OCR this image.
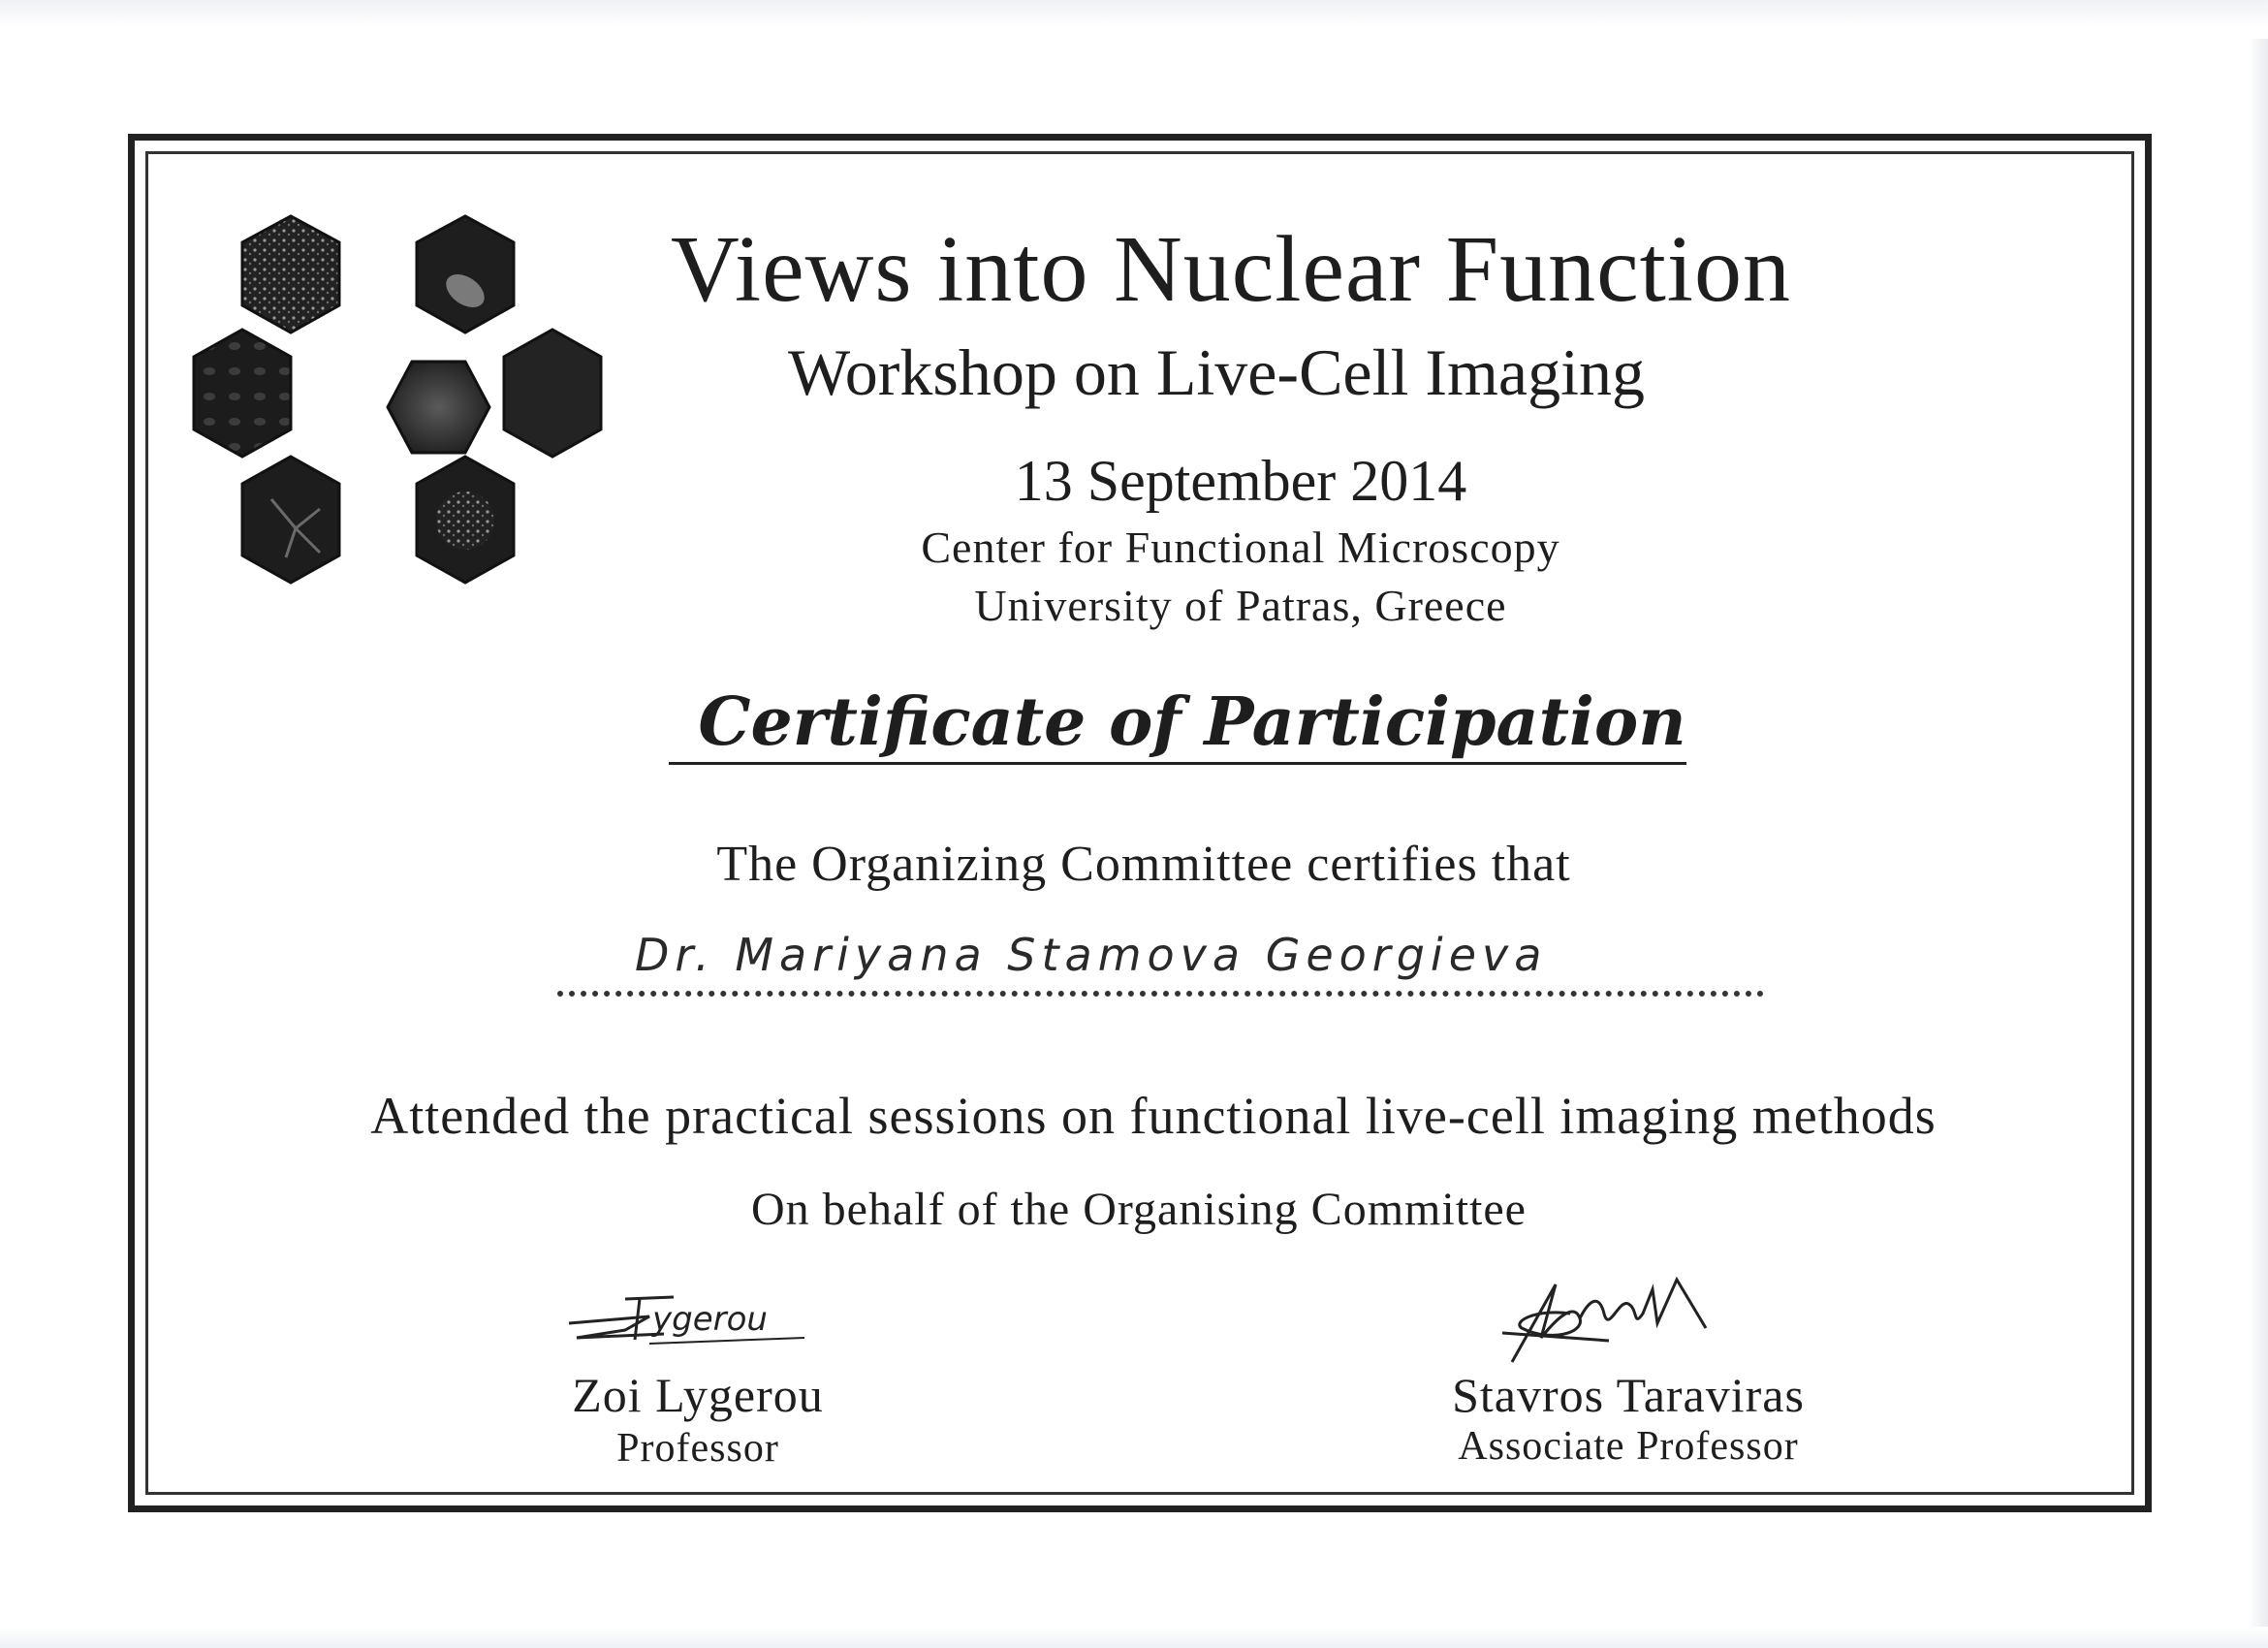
Views into Nuclear Function
Workshop on Live-Cell Imaging
13 September 2014
Center for Functional Microscopy
University of Patras, Greece
Certificate of Participation
The Organizing Committee certifies that
Dr. Mariyana Stamova Georgieva
Attended the practical sessions on functional live-cell imaging methods
On behalf of the Organising Committee
ygerou
Zoi Lygerou
Professor
Stavros Taraviras
Associate Professor
